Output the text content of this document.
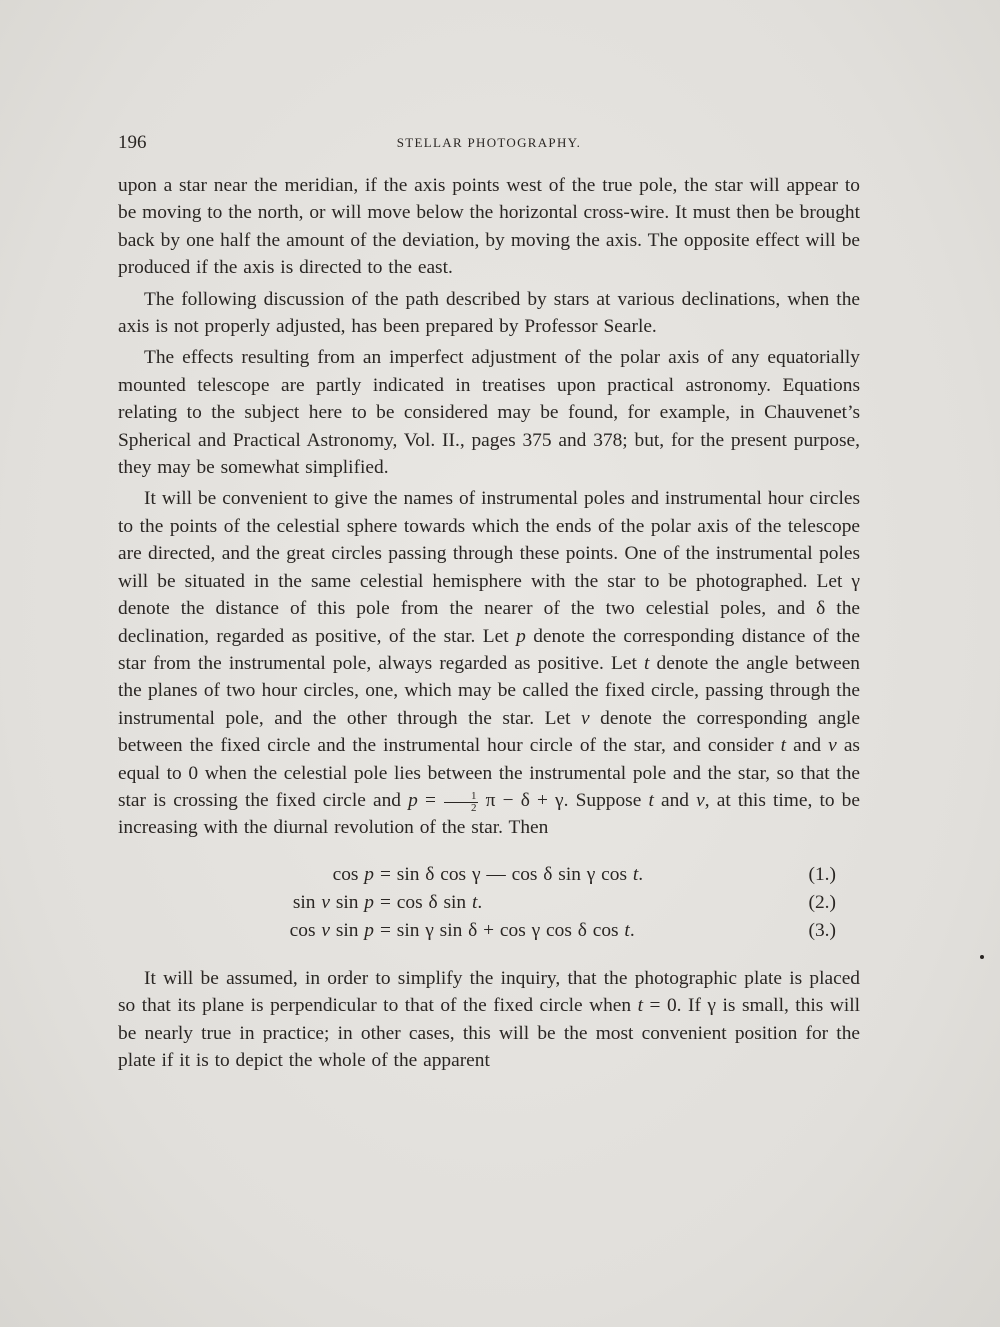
196	STELLAR PHOTOGRAPHY.

upon a star near the meridian, if the axis points west of the true pole, the star will appear to be moving to the north, or will move below the horizontal cross-wire. It must then be brought back by one half the amount of the deviation, by moving the axis. The opposite effect will be produced if the axis is directed to the east.

The following discussion of the path described by stars at various declinations, when the axis is not properly adjusted, has been prepared by Professor Searle.

The effects resulting from an imperfect adjustment of the polar axis of any equatorially mounted telescope are partly indicated in treatises upon practical astronomy. Equations relating to the subject here to be considered may be found, for example, in Chauvenet’s Spherical and Practical Astronomy, Vol. II., pages 375 and 378; but, for the present purpose, they may be somewhat simplified.

It will be convenient to give the names of instrumental poles and instrumental hour circles to the points of the celestial sphere towards which the ends of the polar axis of the telescope are directed, and the great circles passing through these points. One of the instrumental poles will be situated in the same celestial hemisphere with the star to be photographed. Let γ denote the distance of this pole from the nearer of the two celestial poles, and δ the declination, regarded as positive, of the star. Let p denote the corresponding distance of the star from the instrumental pole, always regarded as positive. Let t denote the angle between the planes of two hour circles, one, which may be called the fixed circle, passing through the instrumental pole, and the other through the star. Let v denote the corresponding angle between the fixed circle and the instrumental hour circle of the star, and consider t and v as equal to 0 when the celestial pole lies between the instrumental pole and the star, so that the star is crossing the fixed circle and $p = \frac{1}{2}$ π − δ + γ. Suppose t and v, at this time, to be increasing with the diurnal revolution of the star. Then

cos p = sin δ cos γ — cos δ sin γ cos t.	(1.)
sin v sin p = cos δ sin t.	(2.)
cos v sin p = sin γ sin δ + cos γ cos δ cos t.	(3.)

It will be assumed, in order to simplify the inquiry, that the photographic plate is placed so that its plane is perpendicular to that of the fixed circle when t = 0. If γ is small, this will be nearly true in practice; in other cases, this will be the most convenient position for the plate if it is to depict the whole of the apparent
